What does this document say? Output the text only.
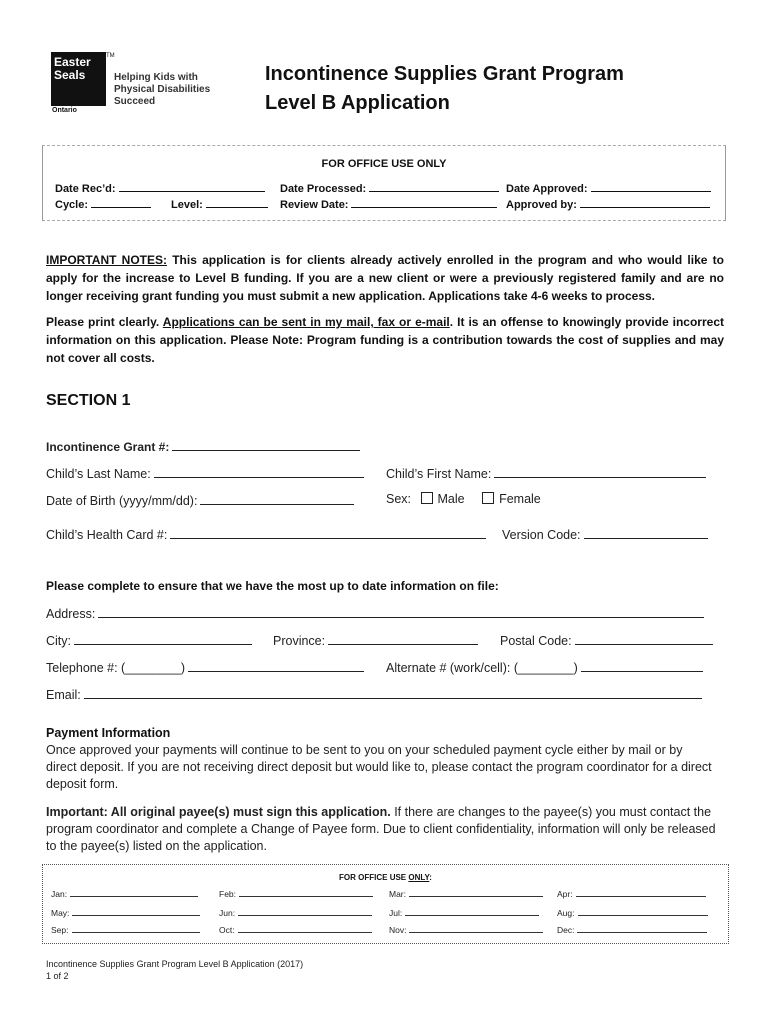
Easter
Seals
TM
Ontario
Helping Kids with
Physical Disabilities
Succeed
Incontinence Supplies Grant Program
Level B Application
FOR OFFICE USE ONLY
Date Rec’d:	Date Processed:	Date Approved:
Cycle:	Level:	Review Date:	Approved by:
IMPORTANT NOTES: This application is for clients already actively enrolled in the program and who would like to apply for the increase to Level B funding. If you are a new client or were a previously registered family and are no longer receiving grant funding you must submit a new application. Applications take 4-6 weeks to process.
Please print clearly. Applications can be sent in my mail, fax or e-mail. It is an offense to knowingly provide incorrect information on this application. Please Note: Program funding is a contribution towards the cost of supplies and may not cover all costs.
SECTION 1
Incontinence Grant #:
Child’s Last Name:	Child’s First Name:
Date of Birth (yyyy/mm/dd):	Sex: Male	Female
Child’s Health Card #:	Version Code:
Please complete to ensure that we have the most up to date information on file:
Address:
City:	Province:	Postal Code:
Telephone #: (________)	Alternate # (work/cell): (________)
Email:
Payment Information
Once approved your payments will continue to be sent to you on your scheduled payment cycle either by mail or by direct deposit. If you are not receiving direct deposit but would like to, please contact the program coordinator for a direct deposit form.
Important: All original payee(s) must sign this application. If there are changes to the payee(s) you must contact the program coordinator and complete a Change of Payee form. Due to client confidentiality, information will only be released to the payee(s) listed on the application.
FOR OFFICE USE ONLY:
Jan:	Feb:	Mar:	Apr:
May:	Jun:	Jul:	Aug:
Sep:	Oct:	Nov:	Dec:
Incontinence Supplies Grant Program Level B Application (2017)
1 of 2
